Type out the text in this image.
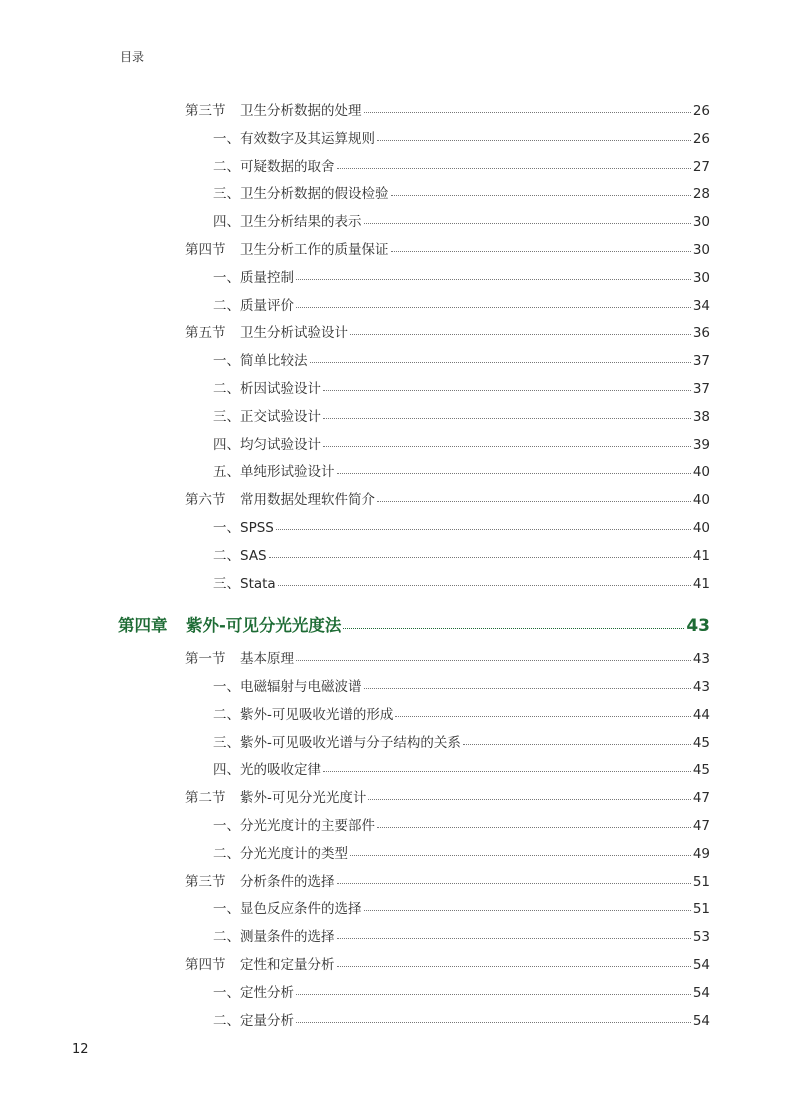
目录
第三节 卫生分析数据的处理	26
一、有效数字及其运算规则	26
二、可疑数据的取舍	27
三、卫生分析数据的假设检验	28
四、卫生分析结果的表示	30
第四节 卫生分析工作的质量保证	30
一、质量控制	30
二、质量评价	34
第五节 卫生分析试验设计	36
一、简单比较法	37
二、析因试验设计	37
三、正交试验设计	38
四、均匀试验设计	39
五、单纯形试验设计	40
第六节 常用数据处理软件简介	40
一、SPSS	40
二、SAS	41
三、Stata	41
第四章 紫外-可见分光光度法	43
第一节 基本原理	43
一、电磁辐射与电磁波谱	43
二、紫外-可见吸收光谱的形成	44
三、紫外-可见吸收光谱与分子结构的关系	45
四、光的吸收定律	45
第二节 紫外-可见分光光度计	47
一、分光光度计的主要部件	47
二、分光光度计的类型	49
第三节 分析条件的选择	51
一、显色反应条件的选择	51
二、测量条件的选择	53
第四节 定性和定量分析	54
一、定性分析	54
二、定量分析	54
12
